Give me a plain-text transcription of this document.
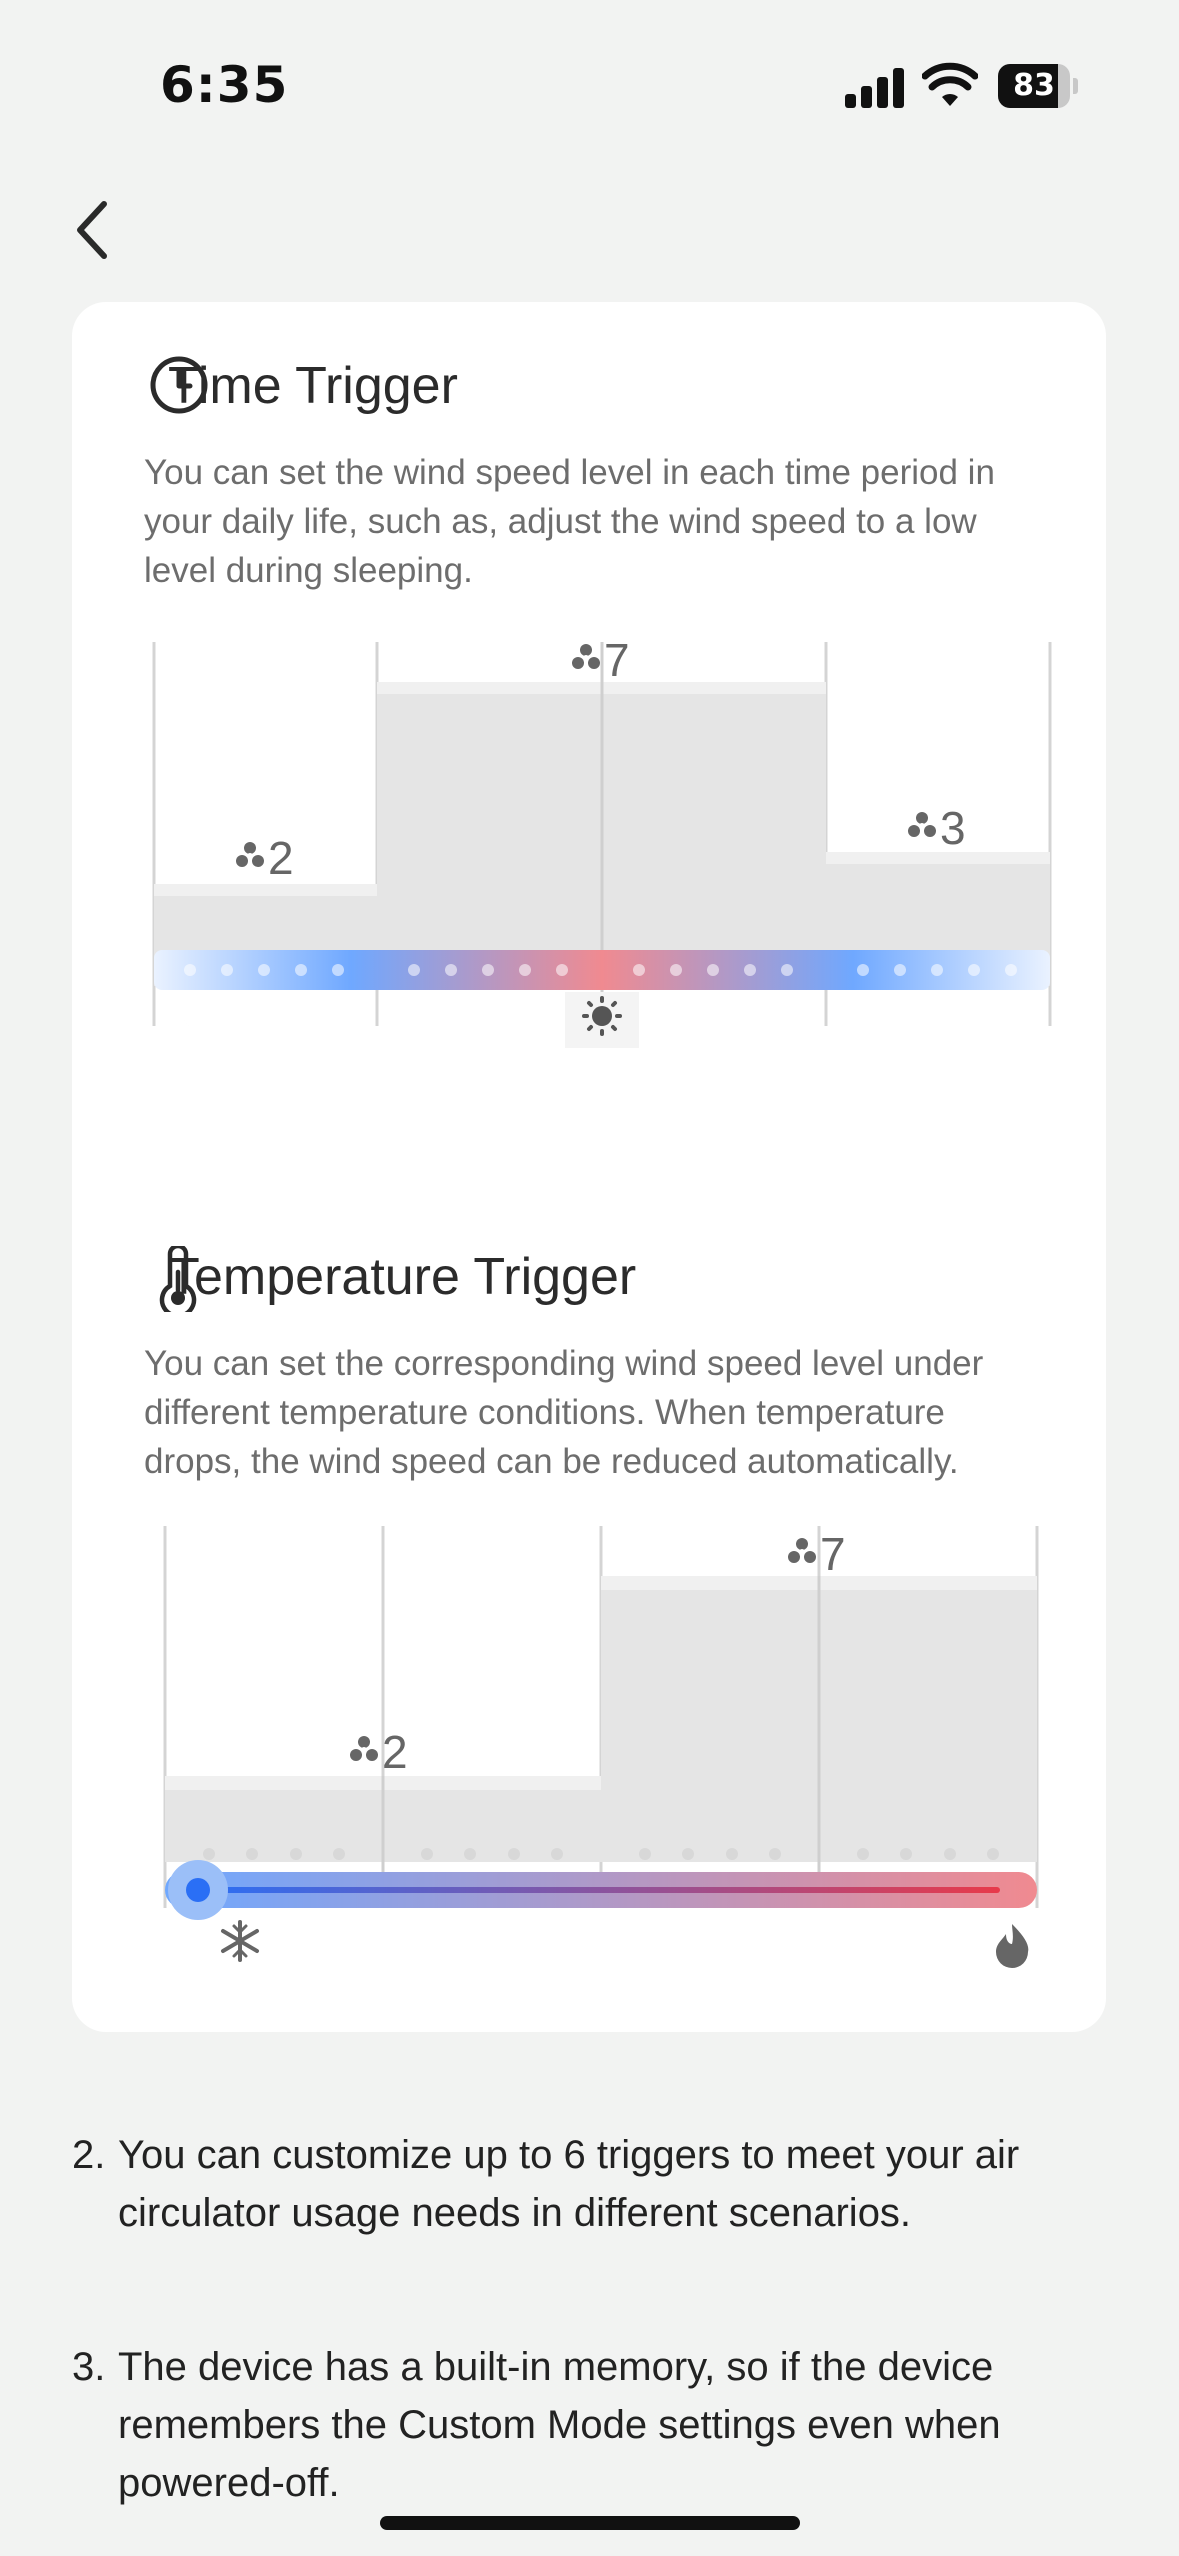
6:35	83
Time Trigger
You can set the wind speed level in each time period in your daily life, such as, adjust the wind speed to a low level during sleeping.
2
7
3
Temperature Trigger
You can set the corresponding wind speed level under different temperature conditions. When temperature drops, the wind speed can be reduced automatically.
2
7
2. You can customize up to 6 triggers to meet your air circulator usage needs in different scenarios.
3. The device has a built-in memory, so if the device remembers the Custom Mode settings even when powered-off.
